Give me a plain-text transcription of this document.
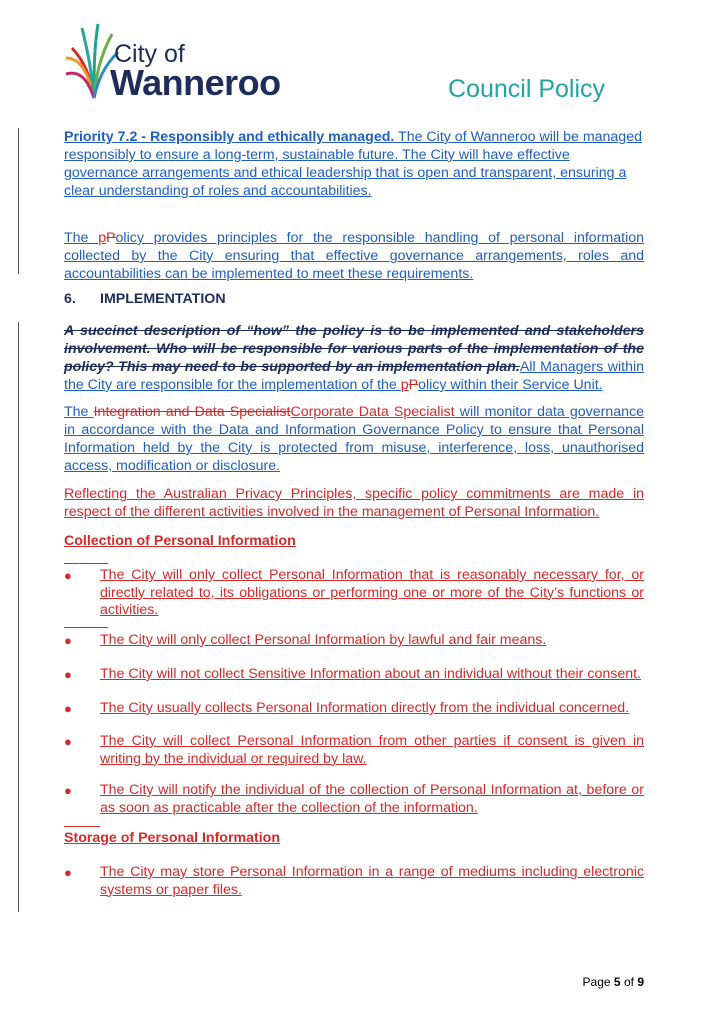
City of
Wanneroo	Council Policy
Priority 7.2 - Responsibly and ethically managed. The City of Wanneroo will be managed responsibly to ensure a long-term, sustainable future. The City will have effective governance arrangements and ethical leadership that is open and transparent, ensuring a clear understanding of roles and accountabilities.
The pPolicy provides principles for the responsible handling of personal information collected by the City ensuring that effective governance arrangements, roles and accountabilities can be implemented to meet these requirements.
6. IMPLEMENTATION
A succinct description of “how” the policy is to be implemented and stakeholders involvement. Who will be responsible for various parts of the implementation of the policy? This may need to be supported by an implementation plan.All Managers within the City are responsible for the implementation of the pPolicy within their Service Unit.
The Integration and Data SpecialistCorporate Data Specialist will monitor data governance in accordance with the Data and Information Governance Policy to ensure that Personal Information held by the City is protected from misuse, interference, loss, unauthorised access, modification or disclosure.
Reflecting the Australian Privacy Principles, specific policy commitments are made in respect of the different activities involved in the management of Personal Information.
Collection of Personal Information
● The City will only collect Personal Information that is reasonably necessary for, or directly related to, its obligations or performing one or more of the City’s functions or activities.
● The City will only collect Personal Information by lawful and fair means.
● The City will not collect Sensitive Information about an individual without their consent.
● The City usually collects Personal Information directly from the individual concerned.
● The City will collect Personal Information from other parties if consent is given in writing by the individual or required by law.
● The City will notify the individual of the collection of Personal Information at, before or as soon as practicable after the collection of the information.
Storage of Personal Information
● The City may store Personal Information in a range of mediums including electronic systems or paper files.
Page 5 of 9
